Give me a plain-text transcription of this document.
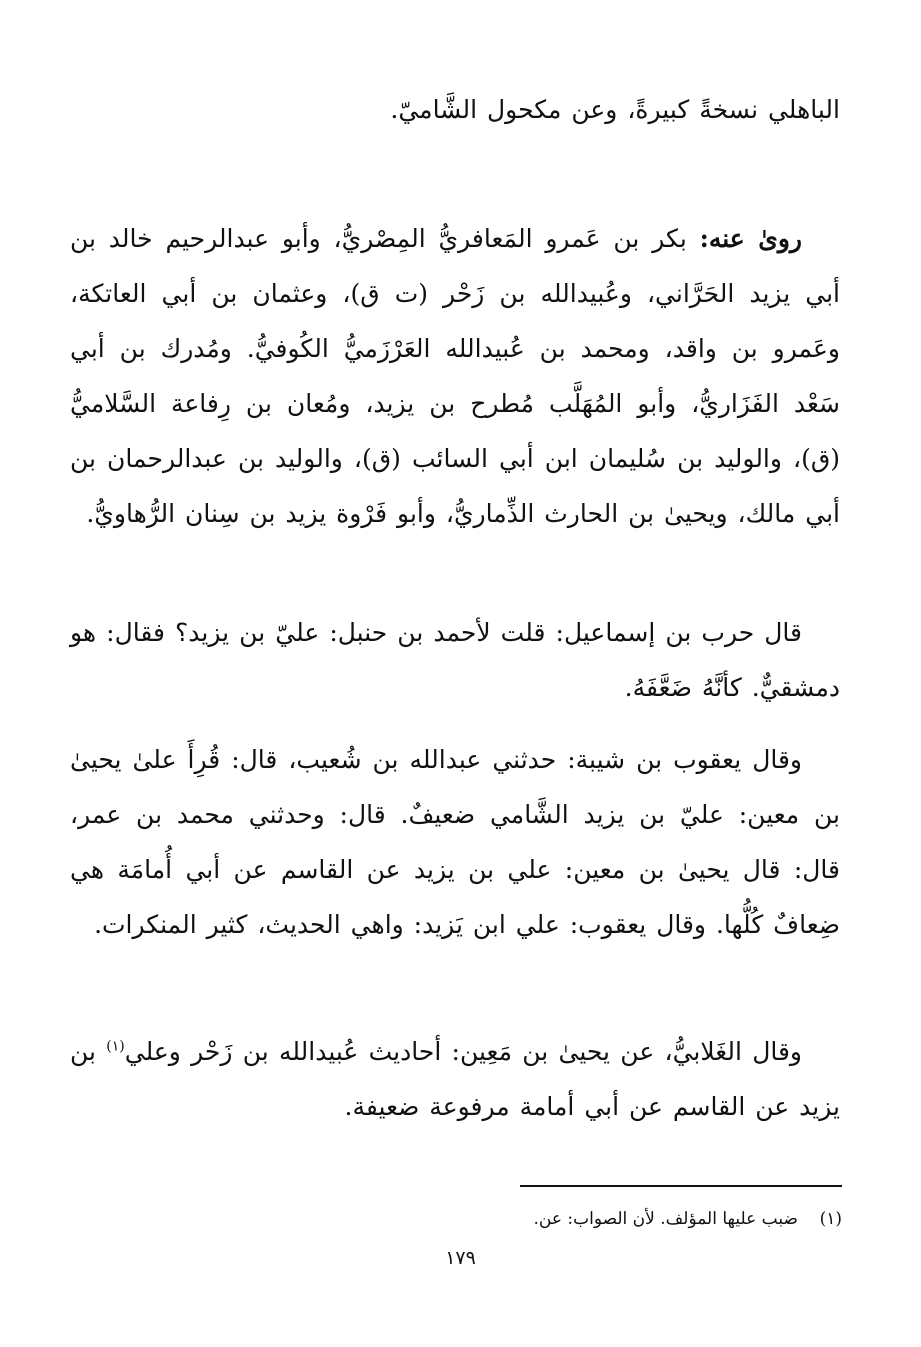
الباهلي نسخةً كبيرةً، وعن مكحول الشَّاميّ.
روىٰ عنه: بكر بن عَمرو المَعافريُّ المِصْريُّ، وأبو عبدالرحيم خالد بن أبي يزيد الحَرَّاني، وعُبيدالله بن زَحْر (ت ق)، وعثمان بن أبي العاتكة، وعَمرو بن واقد، ومحمد بن عُبيدالله العَرْزَميُّ الكُوفيُّ. ومُدرك بن أبي سَعْد الفَزَاريُّ، وأبو المُهَلَّب مُطرح بن يزيد، ومُعان بن رِفاعة السَّلاميُّ (ق)، والوليد بن سُليمان ابن أبي السائب (ق)، والوليد بن عبدالرحمان بن أبي مالك، ويحيىٰ بن الحارث الذِّماريُّ، وأبو فَرْوة يزيد بن سِنان الرُّهاويُّ.
قال حرب بن إسماعيل: قلت لأحمد بن حنبل: عليّ بن يزيد؟ فقال: هو دمشقيٌّ. كأنَّهُ ضَعَّفَهُ.
وقال يعقوب بن شيبة: حدثني عبدالله بن شُعيب، قال: قُرِأَ علىٰ يحيىٰ بن معين: عليّ بن يزيد الشَّامي ضعيفٌ. قال: وحدثني محمد بن عمر، قال: قال يحيىٰ بن معين: علي بن يزيد عن القاسم عن أبي أُمامَة هي ضِعافٌ كُلُّها. وقال يعقوب: علي ابن يَزيد: واهي الحديث، كثير المنكرات.
وقال الغَلابيُّ، عن يحيىٰ بن مَعِين: أحاديث عُبيدالله بن زَحْر وعلي$^{(١)}$ بن يزيد عن القاسم عن أبي أمامة مرفوعة ضعيفة.
(١)    ضبب عليها المؤلف. لأن الصواب: عن.
١٧٩
